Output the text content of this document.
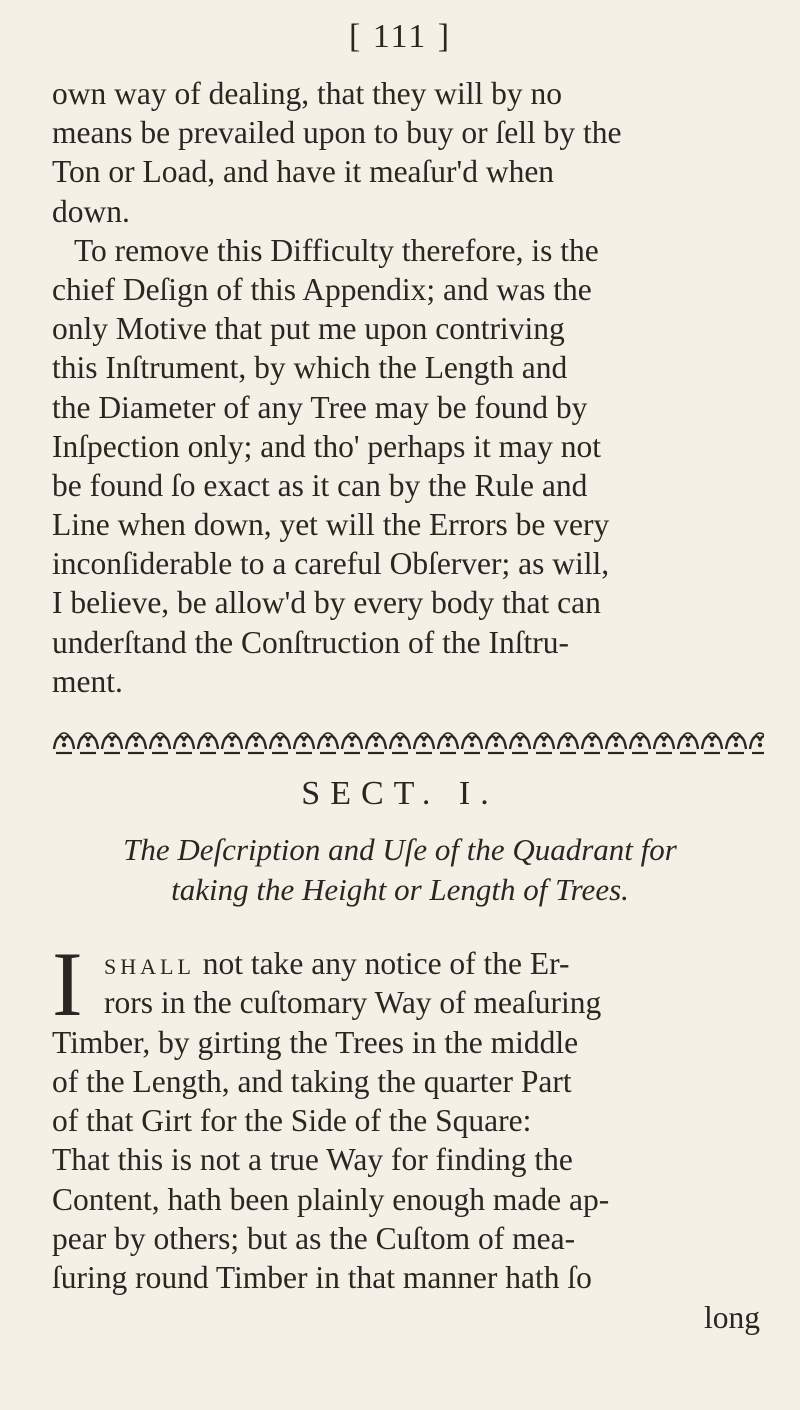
[ 111 ]
own way of dealing, that they will by no
means be prevailed upon to buy or ſell by the
Ton or Load, and have it meaſur'd when
down.
To remove this Difficulty therefore, is the
chief Deſign of this Appendix; and was the
only Motive that put me upon contriving
this Inſtrument, by which the Length and
the Diameter of any Tree may be found by
Inſpection only; and tho' perhaps it may not
be found ſo exact as it can by the Rule and
Line when down, yet will the Errors be very
inconſiderable to a careful Obſerver; as will,
I believe, be allow'd by every body that can
underſtand the Conſtruction of the Inſtru-
ment.
SECT. I.
The Deſcription and Uſe of the Quadrant for
taking the Height or Length of Trees.
I SHALL not take any notice of the Er-
rors in the cuſtomary Way of meaſuring
Timber, by girting the Trees in the middle
of the Length, and taking the quarter Part
of that Girt for the Side of the Square:
That this is not a true Way for finding the
Content, hath been plainly enough made ap-
pear by others; but as the Cuſtom of mea-
ſuring round Timber in that manner hath ſo
long
